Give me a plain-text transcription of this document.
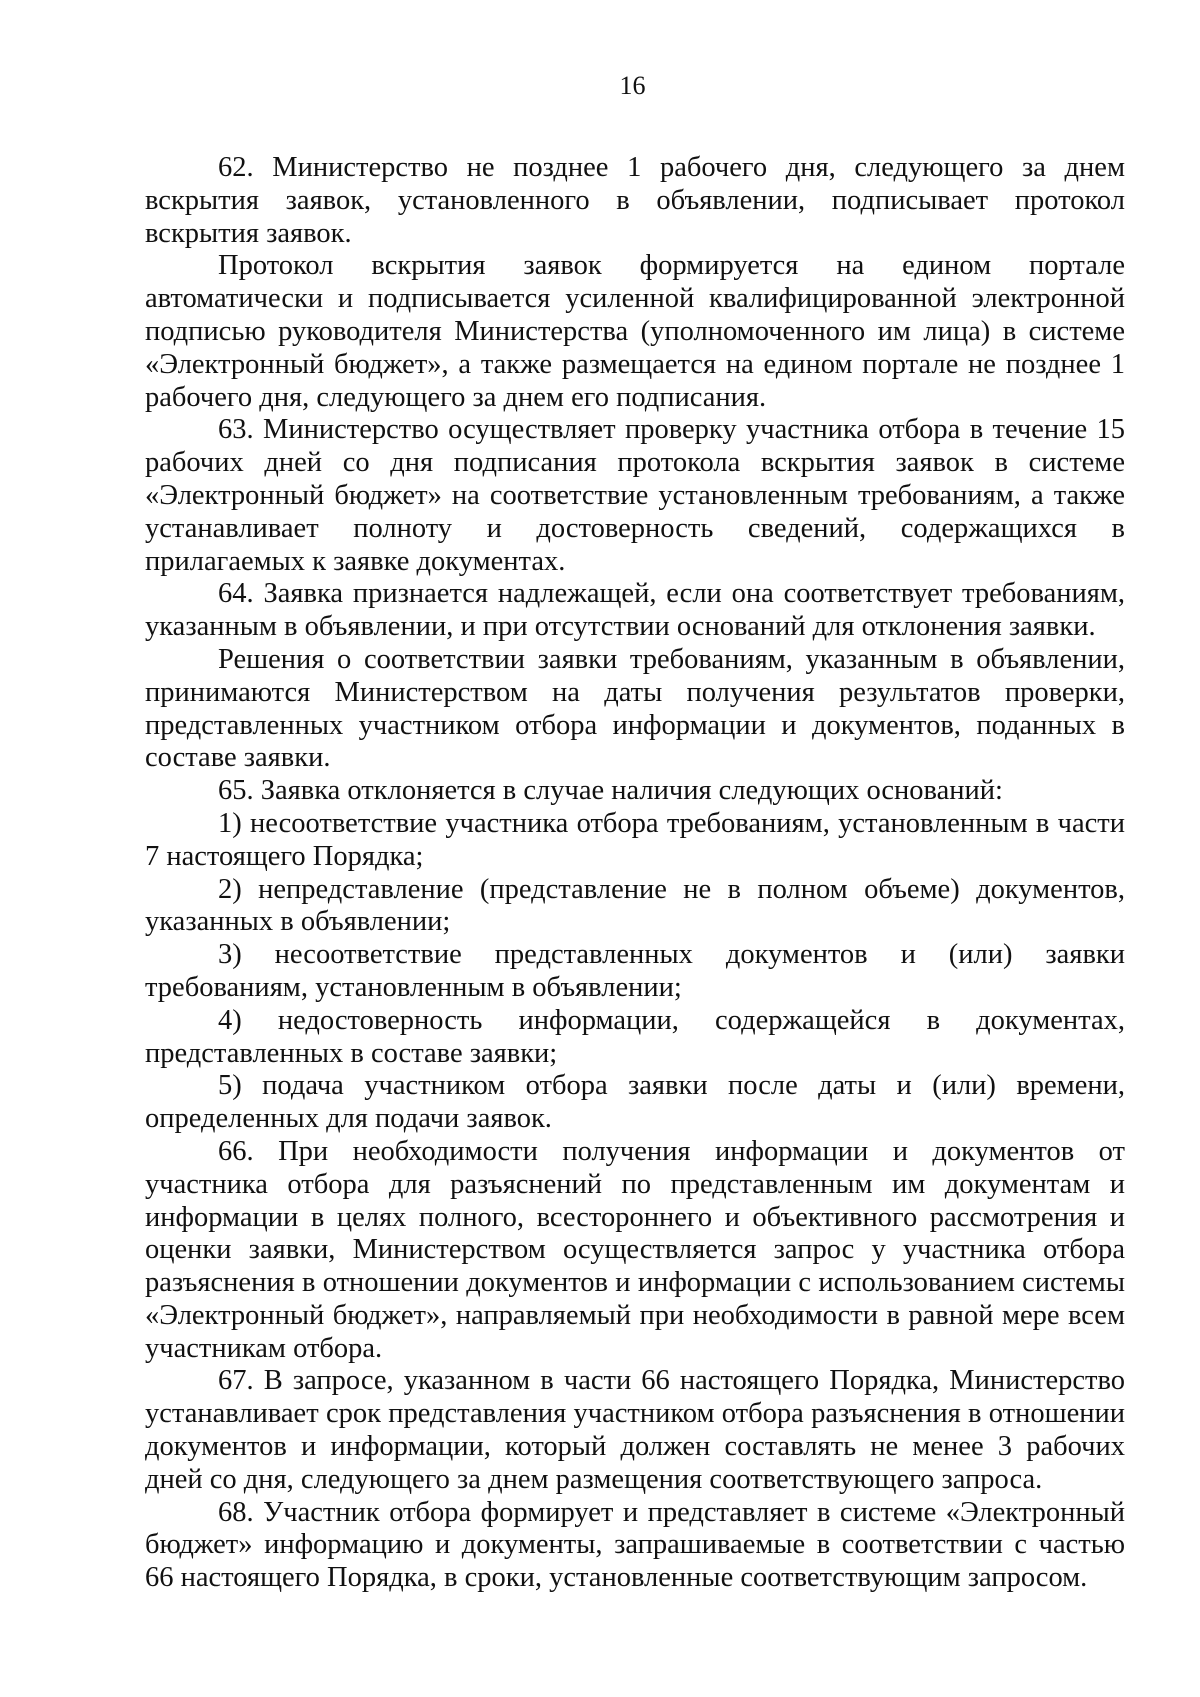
16

62. Министерство не позднее 1 рабочего дня, следующего за днем вскрытия заявок, установленного в объявлении, подписывает протокол вскрытия заявок.

Протокол вскрытия заявок формируется на едином портале автоматически и подписывается усиленной квалифицированной электронной подписью руководителя Министерства (уполномоченного им лица) в системе «Электронный бюджет», а также размещается на едином портале не позднее 1 рабочего дня, следующего за днем его подписания.

63. Министерство осуществляет проверку участника отбора в течение 15 рабочих дней со дня подписания протокола вскрытия заявок в системе «Электронный бюджет» на соответствие установленным требованиям, а также устанавливает полноту и достоверность сведений, содержащихся в прилагаемых к заявке документах.

64. Заявка признается надлежащей, если она соответствует требованиям, указанным в объявлении, и при отсутствии оснований для отклонения заявки.

Решения о соответствии заявки требованиям, указанным в объявлении, принимаются Министерством на даты получения результатов проверки, представленных участником отбора информации и документов, поданных в составе заявки.

65. Заявка отклоняется в случае наличия следующих оснований:

1) несоответствие участника отбора требованиям, установленным в части 7 настоящего Порядка;

2) непредставление (представление не в полном объеме) документов, указанных в объявлении;

3) несоответствие представленных документов и (или) заявки требованиям, установленным в объявлении;

4) недостоверность информации, содержащейся в документах, представленных в составе заявки;

5) подача участником отбора заявки после даты и (или) времени, определенных для подачи заявок.

66. При необходимости получения информации и документов от участника отбора для разъяснений по представленным им документам и информации в целях полного, всестороннего и объективного рассмотрения и оценки заявки, Министерством осуществляется запрос у участника отбора разъяснения в отношении документов и информации с использованием системы «Электронный бюджет», направляемый при необходимости в равной мере всем участникам отбора.

67. В запросе, указанном в части 66 настоящего Порядка, Министерство устанавливает срок представления участником отбора разъяснения в отношении документов и информации, который должен составлять не менее 3 рабочих дней со дня, следующего за днем размещения соответствующего запроса.

68. Участник отбора формирует и представляет в системе «Электронный бюджет» информацию и документы, запрашиваемые в соответствии с частью 66 настоящего Порядка, в сроки, установленные соответствующим запросом.
